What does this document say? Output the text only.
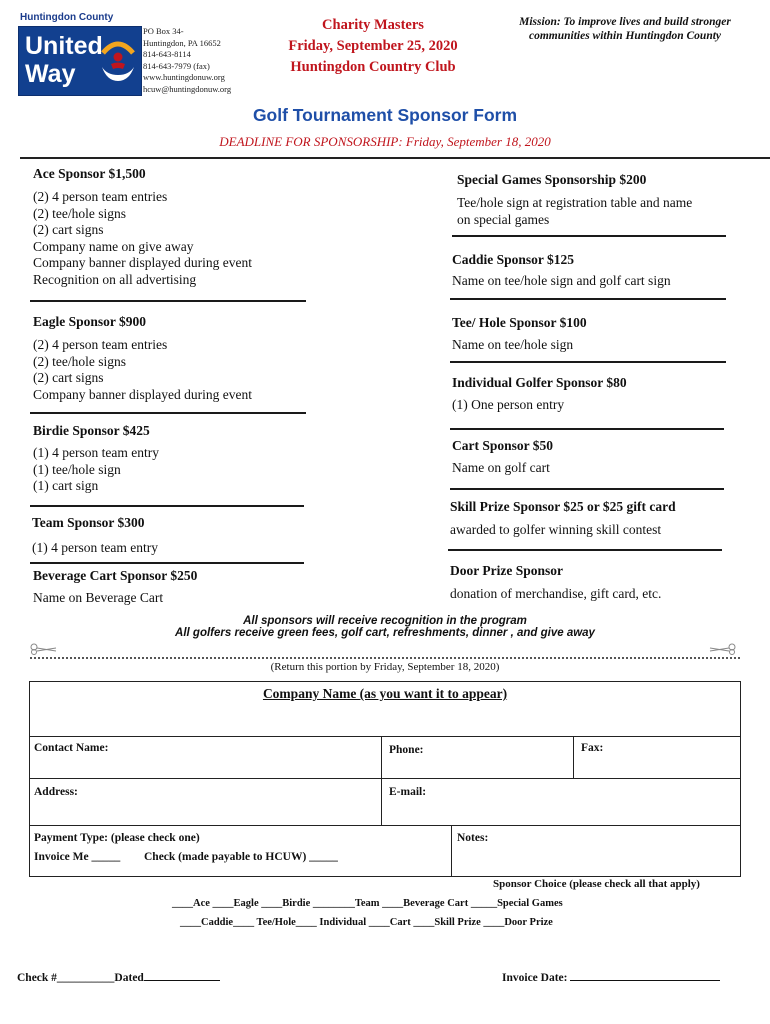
Huntingdon County
United
Way
PO Box 34-
Huntingdon, PA 16652
814-643-8114
814-643-7979 (fax)
www.huntingdonuw.org
hcuw@huntingdonuw.org
Charity Masters
Friday, September 25, 2020
Huntingdon Country Club
Mission: To improve lives and build stronger communities within Huntingdon County
Golf Tournament Sponsor Form
DEADLINE FOR SPONSORSHIP: Friday, September 18, 2020
Ace Sponsor $1,500
(2) 4 person team entries
(2) tee/hole signs
(2) cart signs
Company name on give away
Company banner displayed during event
Recognition on all advertising
Eagle Sponsor $900
(2) 4 person team entries
(2) tee/hole signs
(2) cart signs
Company banner displayed during event
Birdie Sponsor $425
(1) 4 person team entry
(1) tee/hole sign
(1) cart sign
Team Sponsor $300
(1) 4 person team entry
Beverage Cart Sponsor $250
Name on Beverage Cart
Special Games Sponsorship $200
Tee/hole sign at registration table and name
on special games
Caddie Sponsor $125
Name on tee/hole sign and golf cart sign
Tee/ Hole Sponsor $100
Name on tee/hole sign
Individual Golfer Sponsor $80
(1) One person entry
Cart Sponsor $50
Name on golf cart
Skill Prize Sponsor $25 or $25 gift card
awarded to golfer winning skill contest
Door Prize Sponsor
donation of merchandise, gift card, etc.
All sponsors will receive recognition in the program
All golfers receive green fees, golf cart, refreshments, dinner , and give away
(Return this portion by Friday, September 18, 2020)
Company Name (as you want it to appear)
Contact Name:	Phone:	Fax:
Address:	E-mail:
Payment Type: (please check one)
Invoice Me _____ Check (made payable to HCUW) _____
Notes:
Sponsor Choice (please check all that apply)
____Ace ____Eagle ____Birdie ________Team ____Beverage Cart _____Special Games
____Caddie____ Tee/Hole____ Individual ____Cart ____Skill Prize ____Door Prize
Check #__________Dated	Invoice Date:
